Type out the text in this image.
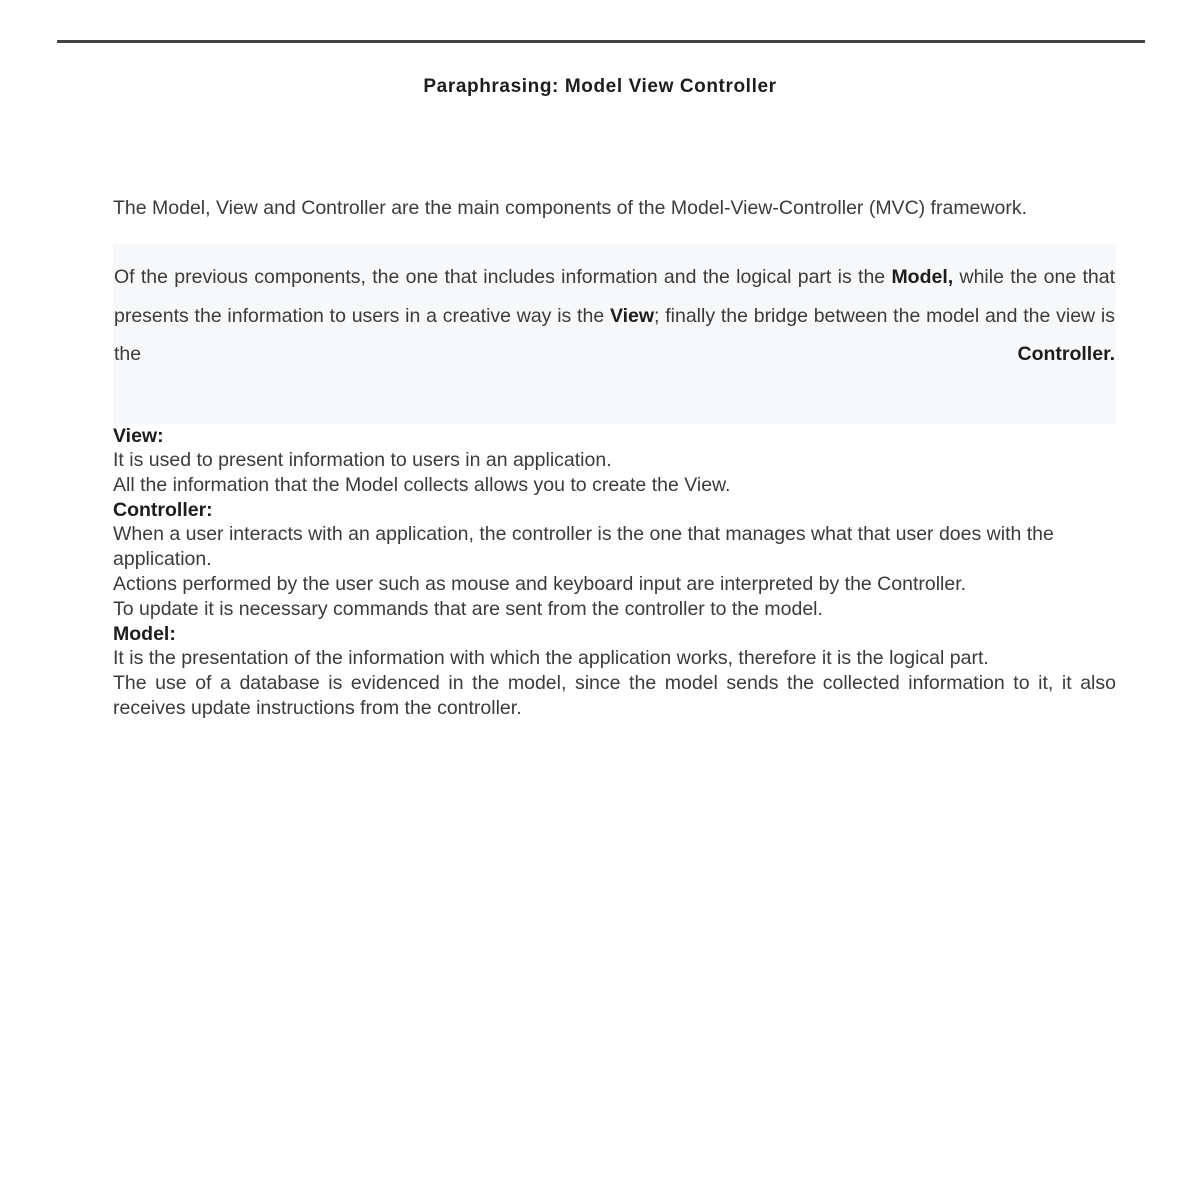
Paraphrasing: Model View Controller

The Model, View and Controller are the main components of the Model-View-Controller (MVC) framework.

Of the previous components, the one that includes information and the logical part is the Model, while the one that presents the information to users in a creative way is the View; finally the bridge between the model and the view is the Controller.

View:

It is used to present information to users in an application.

All the information that the Model collects allows you to create the View.

Controller:

When a user interacts with an application, the controller is the one that manages what that user does with the application.

Actions performed by the user such as mouse and keyboard input are interpreted by the Controller.

To update it is necessary commands that are sent from the controller to the model.

Model:

It is the presentation of the information with which the application works, therefore it is the logical part.

The use of a database is evidenced in the model, since the model sends the collected information to it, it also receives update instructions from the controller.
